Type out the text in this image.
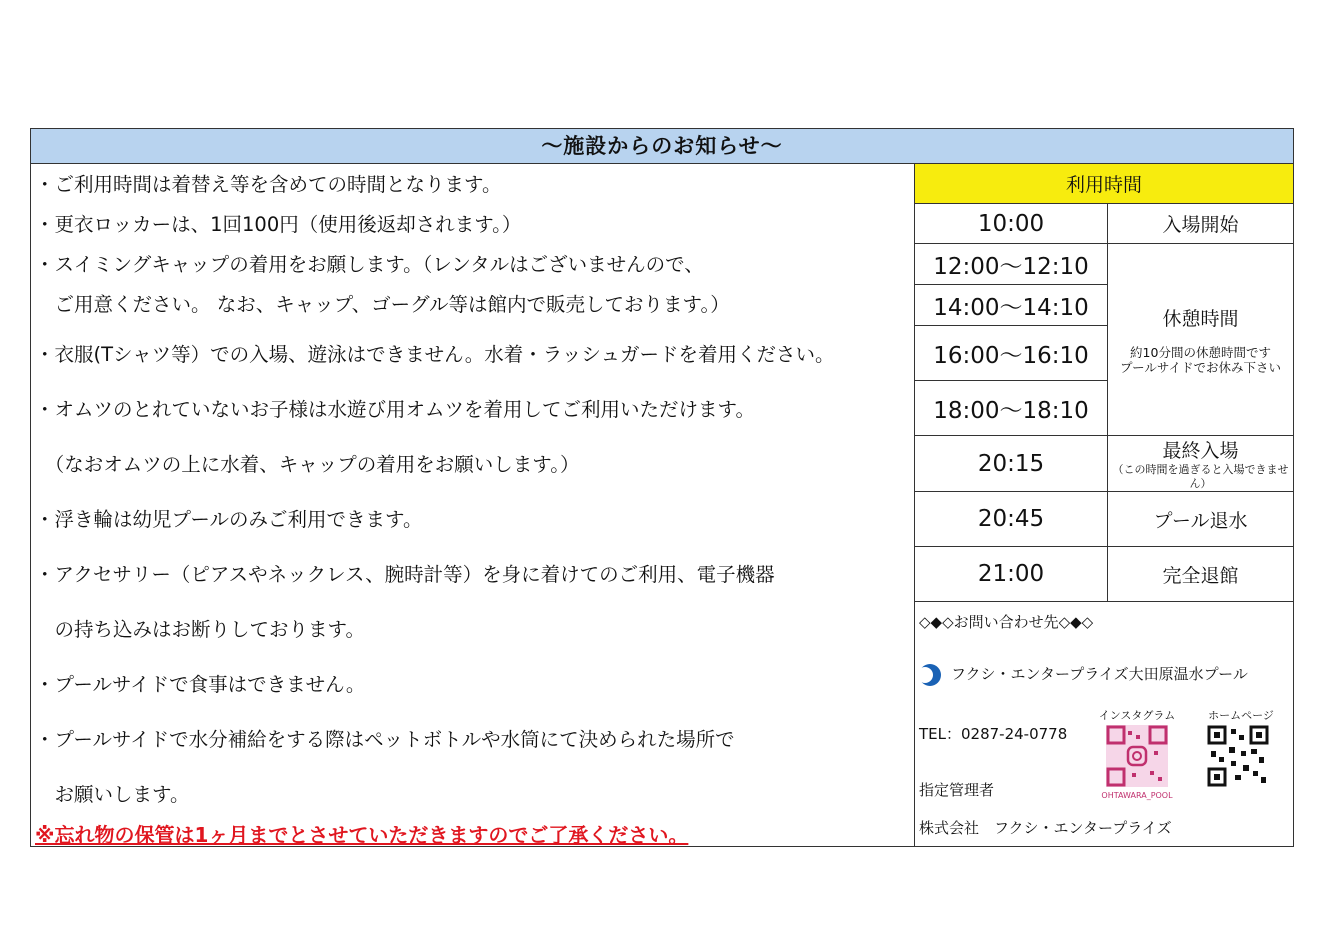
～施設からのお知らせ～
・ご利用時間は着替え等を含めての時間となります。
・更衣ロッカーは、1回100円（使用後返却されます。）
・スイミングキャップの着用をお願します。（レンタルはございませんので、
　ご用意ください。 なお、キャップ、ゴーグル等は館内で販売しております。）
・衣服(Tシャツ等）での入場、遊泳はできません。水着・ラッシュガードを着用ください。
・オムツのとれていないお子様は水遊び用オムツを着用してご利用いただけます。
　（なおオムツの上に水着、キャップの着用をお願いします。）
・浮き輪は幼児プールのみご利用できます。
・アクセサリー（ピアスやネックレス、腕時計等）を身に着けてのご利用、電子機器
　の持ち込みはお断りしております。
・プールサイドで食事はできません。
・プールサイドで水分補給をする際はペットボトルや水筒にて決められた場所で
　お願いします。
※忘れ物の保管は1ヶ月までとさせていただきますのでご了承ください。
利用時間	
10:00	入場開始
12:00〜12:10	休憩時間
約10分間の休憩時間です
プールサイドでお休み下さい

14:00〜14:10	
16:00〜16:10	
18:00〜18:10	
20:15	最終入場
（この時間を過ぎると入場できません）

20:45	プール退水
21:00	完全退館
◇◆◇お問い合わせ先◇◆◇
フクシ・エンタープライズ大田原温水プール
TEL：0287-24-0778
指定管理者
株式会社　フクシ・エンタープライズ
インスタグラム
OHTAWARA_POOL
ホームページ
